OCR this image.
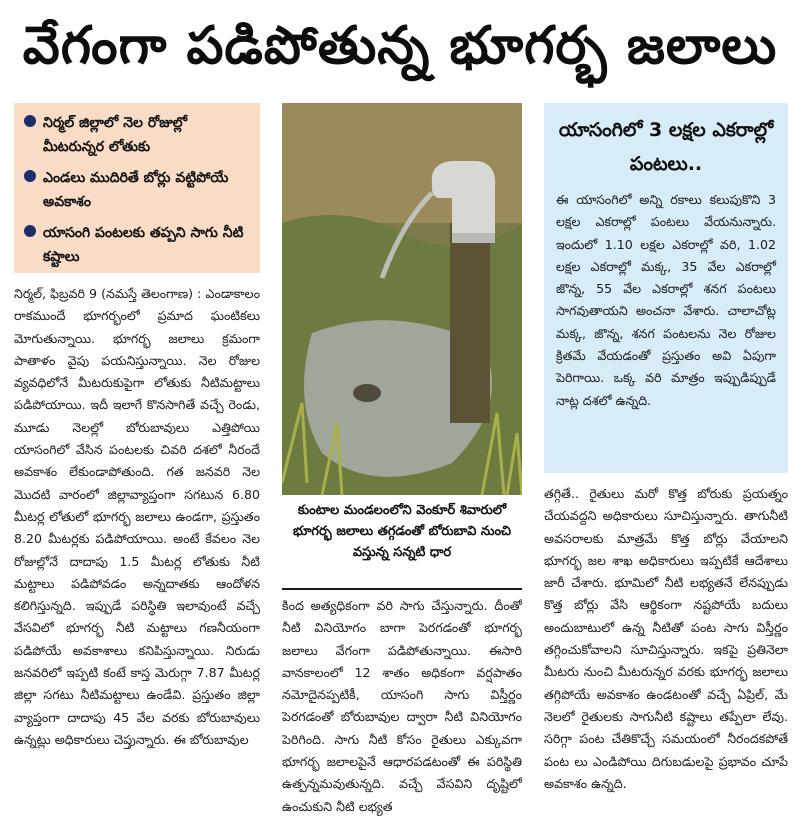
వేగంగా పడిపోతున్న భూగర్భ జలాలు
నిర్మల్ జిల్లాలో నెల రోజుల్లో మీటరున్నర లోతుకు
ఎండలు ముదిరితే బోర్లు వట్టిపోయే అవకాశం
యాసంగి పంటలకు తప్పని సాగు నీటి కష్టాలు
నిర్మల్, ఫిబ్రవరి 9 (నమస్తే తెలంగాణ) : ఎండాకాలం రాకముందే భూగర్భంలో ప్రమాద ఘంటికలు మోగుతున్నాయి. భూగర్భ జలాలు క్రమంగా పాతాళం వైపు పయనిస్తున్నాయి. నెల రోజుల వ్యవధిలోనే మీటరుకుపైగా లోతుకు నీటిమట్టాలు పడిపోయాయి. ఇదీ ఇలాగే కొనసాగితే వచ్చే రెండు, మూడు నెలల్లో బోరుబావులు ఎత్తిపోయి యాసంగిలో వేసిన పంటలకు చివరి దశలో నీరందే అవకాశం లేకుండాపోతుంది. గత జనవరి నెల మొదటి వారంలో జిల్లావ్యాప్తంగా సగటున 6.80 మీటర్ల లోతులో భూగర్భ జలాలు ఉండగా, ప్రస్తుతం 8.20 మీటర్లకు పడిపోయాయి. అంటే కేవలం నెల రోజుల్లోనే దాదాపు 1.5 మీటర్ల లోతుకు నీటి మట్టాలు పడిపోవడం అన్నదాతకు ఆందోళన కలిగిస్తున్నది. ఇప్పుడే పరిస్థితి ఇలావుంటే వచ్చే వేసవిలో భూగర్భ నీటి మట్టాలు గణనీయంగా పడిపోయే అవకాశాలు కనిపిస్తున్నాయి. నిరుడు జనవరిలో ఇప్పటి కంటే కాస్త మెరుగ్గా 7.87 మీటర్ల జిల్లా సగటు నీటిమట్టాలు ఉండేవి. ప్రస్తుతం జిల్లా వ్యాప్తంగా దాదాపు 45 వేల వరకు బోరుబావులు ఉన్నట్లు అధికారులు చెప్తున్నారు. ఈ బోరుబావుల
కుంటాల మండలంలోని వెంకూర్ శివారులో భూగర్భ జలాలు తగ్గడంతో బోరుబావి నుంచి వస్తున్న సన్నటి ధార
కింద అత్యధికంగా వరి సాగు చేస్తున్నారు. దీంతో నీటి వినియోగం బాగా పెరగడంతో భూగర్భ జలాలు వేగంగా పడిపోతున్నాయి. ఈసారి వానకాలంలో 12 శాతం అధికంగా వర్షపాతం నమోదైనప్పటికీ, యాసంగి సాగు విస్తీర్ణం పెరగడంతో బోరుబావుల ద్వారా నీటి వినియోగం పెరిగింది. సాగు నీటి కోసం రైతులు ఎక్కువగా భూగర్భ జలాలపైనే ఆధారపడటంతో ఈ పరిస్థితి ఉత్పన్నమవుతున్నది. వచ్చే వేసవిని దృష్టిలో ఉంచుకుని నీటి లభ్యత
యాసంగిలో 3 లక్షల ఎకరాల్లో పంటలు..
ఈ యాసంగిలో అన్ని రకాలు కలుపుకొని 3 లక్షల ఎకరాల్లో పంటలు వేయనున్నారు. ఇందులో 1.10 లక్షల ఎకరాల్లో వరి, 1.02 లక్షల ఎకరాల్లో మక్క, 35 వేల ఎకరాల్లో జొన్న, 55 వేల ఎకరాల్లో శనగ పంటలు సాగవుతాయని అంచనా వేశారు. చాలాచోట్ల మక్క, జొన్న, శనగ పంటలను నెల రోజుల క్రితమే వేయడంతో ప్రస్తుతం అవి ఏపుగా పెరిగాయి. ఒక్క వరి మాత్రం ఇప్పుడిప్పుడే నాట్ల దశలో ఉన్నది.
తగ్గితే.. రైతులు మరో కొత్త బోరుకు ప్రయత్నం చేయవద్దని అధికారులు సూచిస్తున్నారు. తాగునీటి అవసరాలకు మాత్రమే కొత్త బోర్లు వేయాలని భూగర్భ జల శాఖ అధికారులు ఇప్పటికే ఆదేశాలు జారీ చేశారు. భూమిలో నీటి లభ్యతనే లేనప్పుడు కొత్త బోర్లు వేసి ఆర్థికంగా నష్టపోయే బదులు అందుబాటులో ఉన్న నీటితో పంట సాగు విస్తీర్ణం తగ్గించుకోవాలని సూచిస్తున్నారు. ఇకపై ప్రతినెలా మీటరు నుంచి మీటరున్నర వరకు భూగర్భ జలాలు తగ్గిపోయే అవకాశం ఉండటంతో వచ్చే ఏప్రిల్, మే నెలలో రైతులకు సాగునీటి కష్టాలు తప్పేలా లేవు. సరిగ్గా పంట చేతికొచ్చే సమయంలో నీరందకపోతే పంట లు ఎండిపోయి దిగుబడులపై ప్రభావం చూపే అవకాశం ఉన్నది.
